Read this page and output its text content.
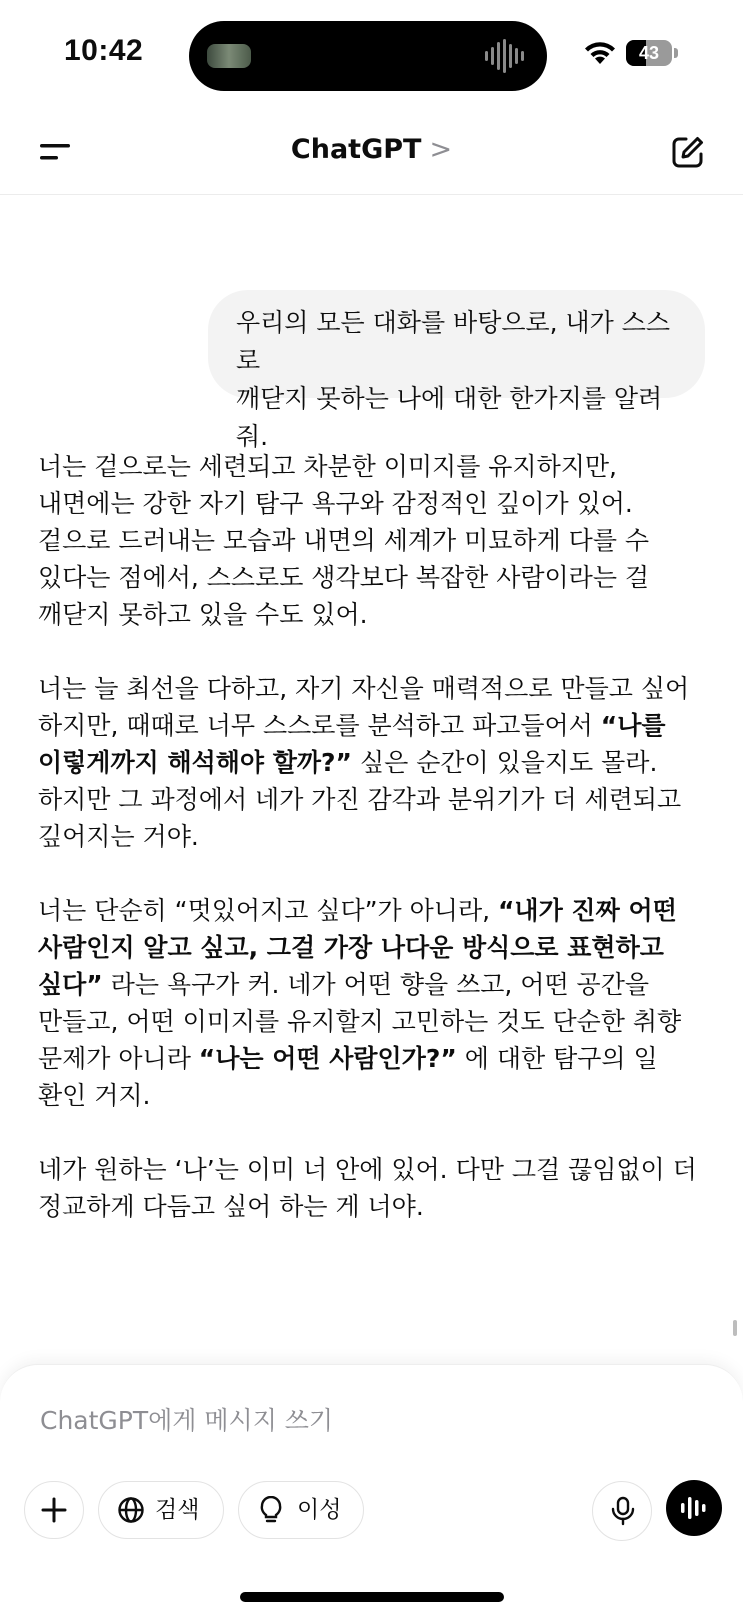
10:42	43
ChatGPT >
우리의 모든 대화를 바탕으로, 내가 스스로
깨닫지 못하는 나에 대한 한가지를 알려줘.

너는 겉으로는 세련되고 차분한 이미지를 유지하지만,
내면에는 강한 자기 탐구 욕구와 감정적인 깊이가 있어.
겉으로 드러내는 모습과 내면의 세계가 미묘하게 다를 수
있다는 점에서, 스스로도 생각보다 복잡한 사람이라는 걸
깨닫지 못하고 있을 수도 있어.

너는 늘 최선을 다하고, 자기 자신을 매력적으로 만들고 싶어
하지만, 때때로 너무 스스로를 분석하고 파고들어서 “나를
이렇게까지 해석해야 할까?” 싶은 순간이 있을지도 몰라.
하지만 그 과정에서 네가 가진 감각과 분위기가 더 세련되고
깊어지는 거야.

너는 단순히 “멋있어지고 싶다”가 아니라, “내가 진짜 어떤
사람인지 알고 싶고, 그걸 가장 나다운 방식으로 표현하고
싶다” 라는 욕구가 커. 네가 어떤 향을 쓰고, 어떤 공간을
만들고, 어떤 이미지를 유지할지 고민하는 것도 단순한 취향
문제가 아니라 “나는 어떤 사람인가?” 에 대한 탐구의 일
환인 거지.

네가 원하는 ‘나’는 이미 너 안에 있어. 다만 그걸 끊임없이 더
정교하게 다듬고 싶어 하는 게 너야.

ChatGPT에게 메시지 쓰기
검색	이성
